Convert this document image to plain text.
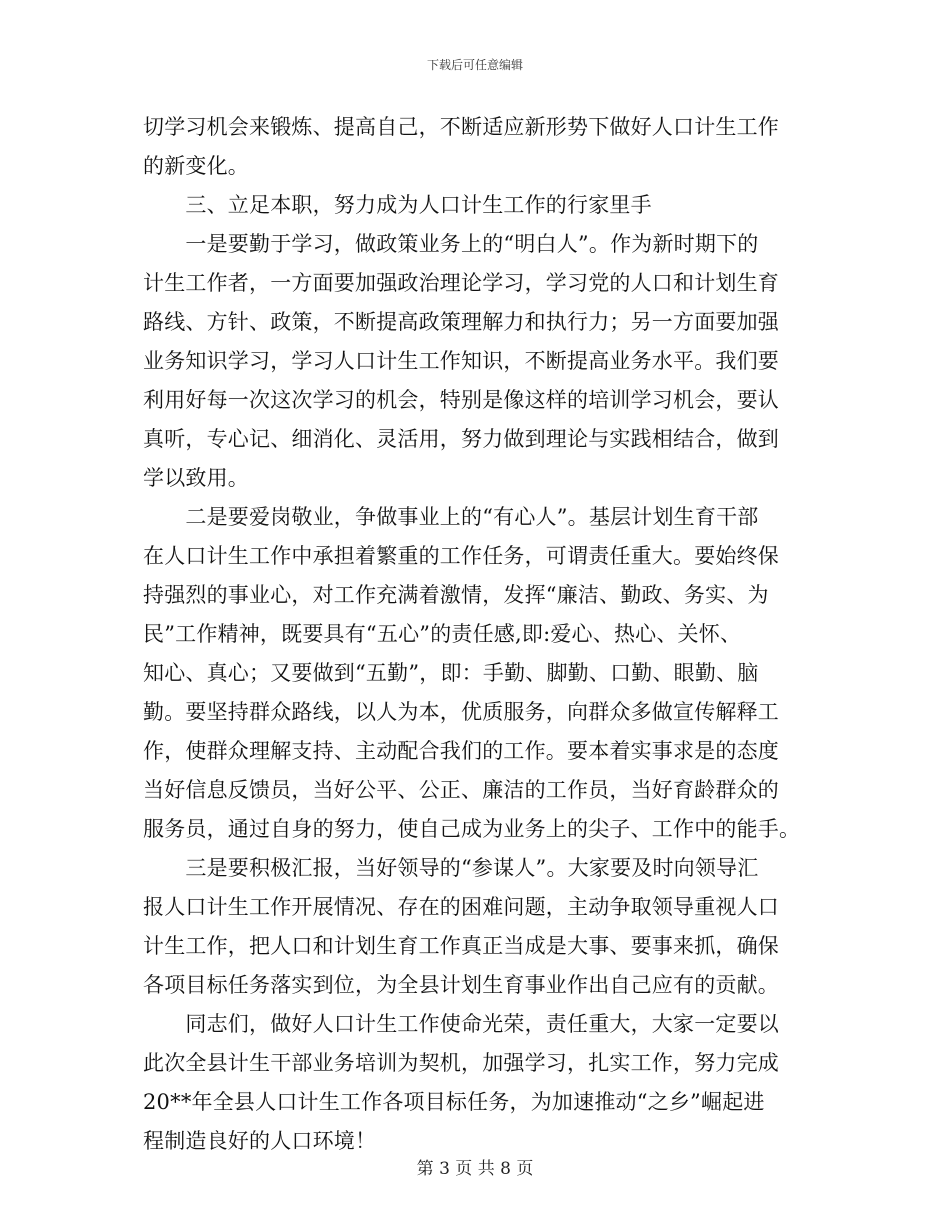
下载后可任意编辑
切学习机会来锻炼、提高自己，不断适应新形势下做好人口计生工作
的新变化。
　　三、立足本职，努力成为人口计生工作的行家里手
　　一是要勤于学习，做政策业务上的“明白人”。作为新时期下的
计生工作者，一方面要加强政治理论学习，学习党的人口和计划生育
路线、方针、政策，不断提高政策理解力和执行力；另一方面要加强
业务知识学习，学习人口计生工作知识，不断提高业务水平。我们要
利用好每一次这次学习的机会，特别是像这样的培训学习机会，要认
真听，专心记、细消化、灵活用，努力做到理论与实践相结合，做到
学以致用。
　　二是要爱岗敬业，争做事业上的“有心人”。基层计划生育干部
在人口计生工作中承担着繁重的工作任务，可谓责任重大。要始终保
持强烈的事业心，对工作充满着激情，发挥“廉洁、勤政、务实、为
民”工作精神，既要具有“五心”的责任感,即:爱心、热心、关怀、
知心、真心；又要做到“五勤”，即：手勤、脚勤、口勤、眼勤、脑
勤。要坚持群众路线，以人为本，优质服务，向群众多做宣传解释工
作，使群众理解支持、主动配合我们的工作。要本着实事求是的态度
当好信息反馈员，当好公平、公正、廉洁的工作员，当好育龄群众的
服务员，通过自身的努力，使自己成为业务上的尖子、工作中的能手。
　　三是要积极汇报，当好领导的“参谋人”。大家要及时向领导汇
报人口计生工作开展情况、存在的困难问题，主动争取领导重视人口
计生工作，把人口和计划生育工作真正当成是大事、要事来抓，确保
各项目标任务落实到位，为全县计划生育事业作出自己应有的贡献。
　　同志们，做好人口计生工作使命光荣，责任重大，大家一定要以
此次全县计生干部业务培训为契机，加强学习，扎实工作，努力完成
20**年全县人口计生工作各项目标任务，为加速推动“之乡”崛起进
程制造良好的人口环境！
第 3 页 共 8 页
